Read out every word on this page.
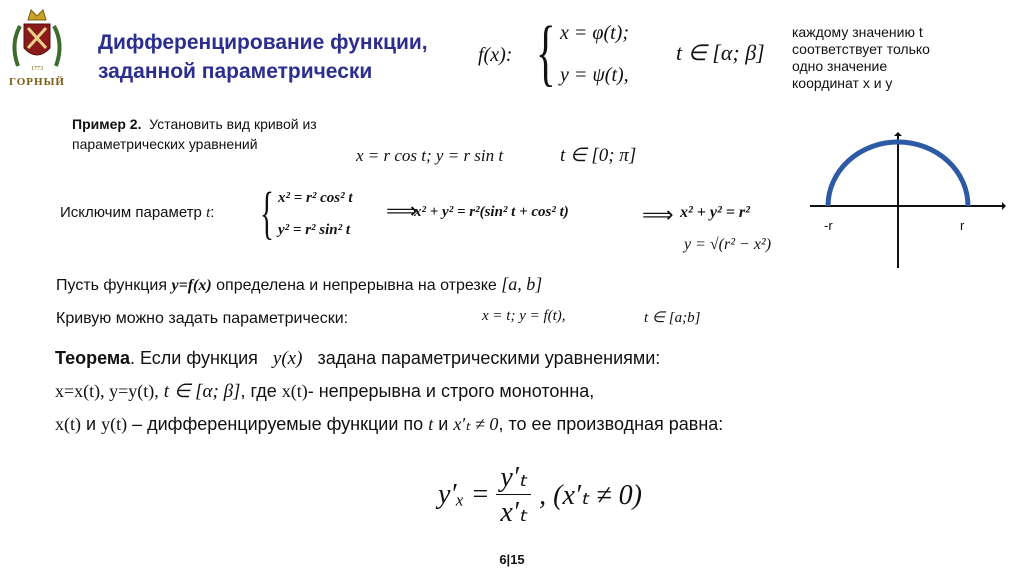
1773
ГОРНЫЙ
Дифференцирование функции,
заданной параметрически
f(x): { x = φ(t);
y = ψ(t),
t ∈ [α; β]
каждому значению t
соответствует только
одно значение
координат x и y
Пример 2. Установить вид кривой из
параметрических уравнений
x = r cos t; y = r sin t	t ∈ [0; π]
Исключим параметр t: { x² = r² cos² t
y² = r² sin² t
⟹
x² + y² = r²(sin² t + cos² t)	⟹ x² + y² = r²
y = √(r² − x²)
-r	r
Пусть функция y=f(x) определена и непрерывна на отрезке [a, b]
Кривую можно задать параметрически:	x = t; y = f(t),	t ∈ [a;b]
Теорема. Если функция y(x) задана параметрическими уравнениями:
x=x(t), y=y(t), t ∈ [α; β], где x(t)- непрерывна и строго монотонна,
x(t) и y(t) – дифференцируемые функции по t и x′ₜ ≠ 0, то ее производная равна:
$y'_x = \frac{\text{y′ₜ}}{\text{x′ₜ}}$ , (x′ₜ ≠ 0)
6|15
